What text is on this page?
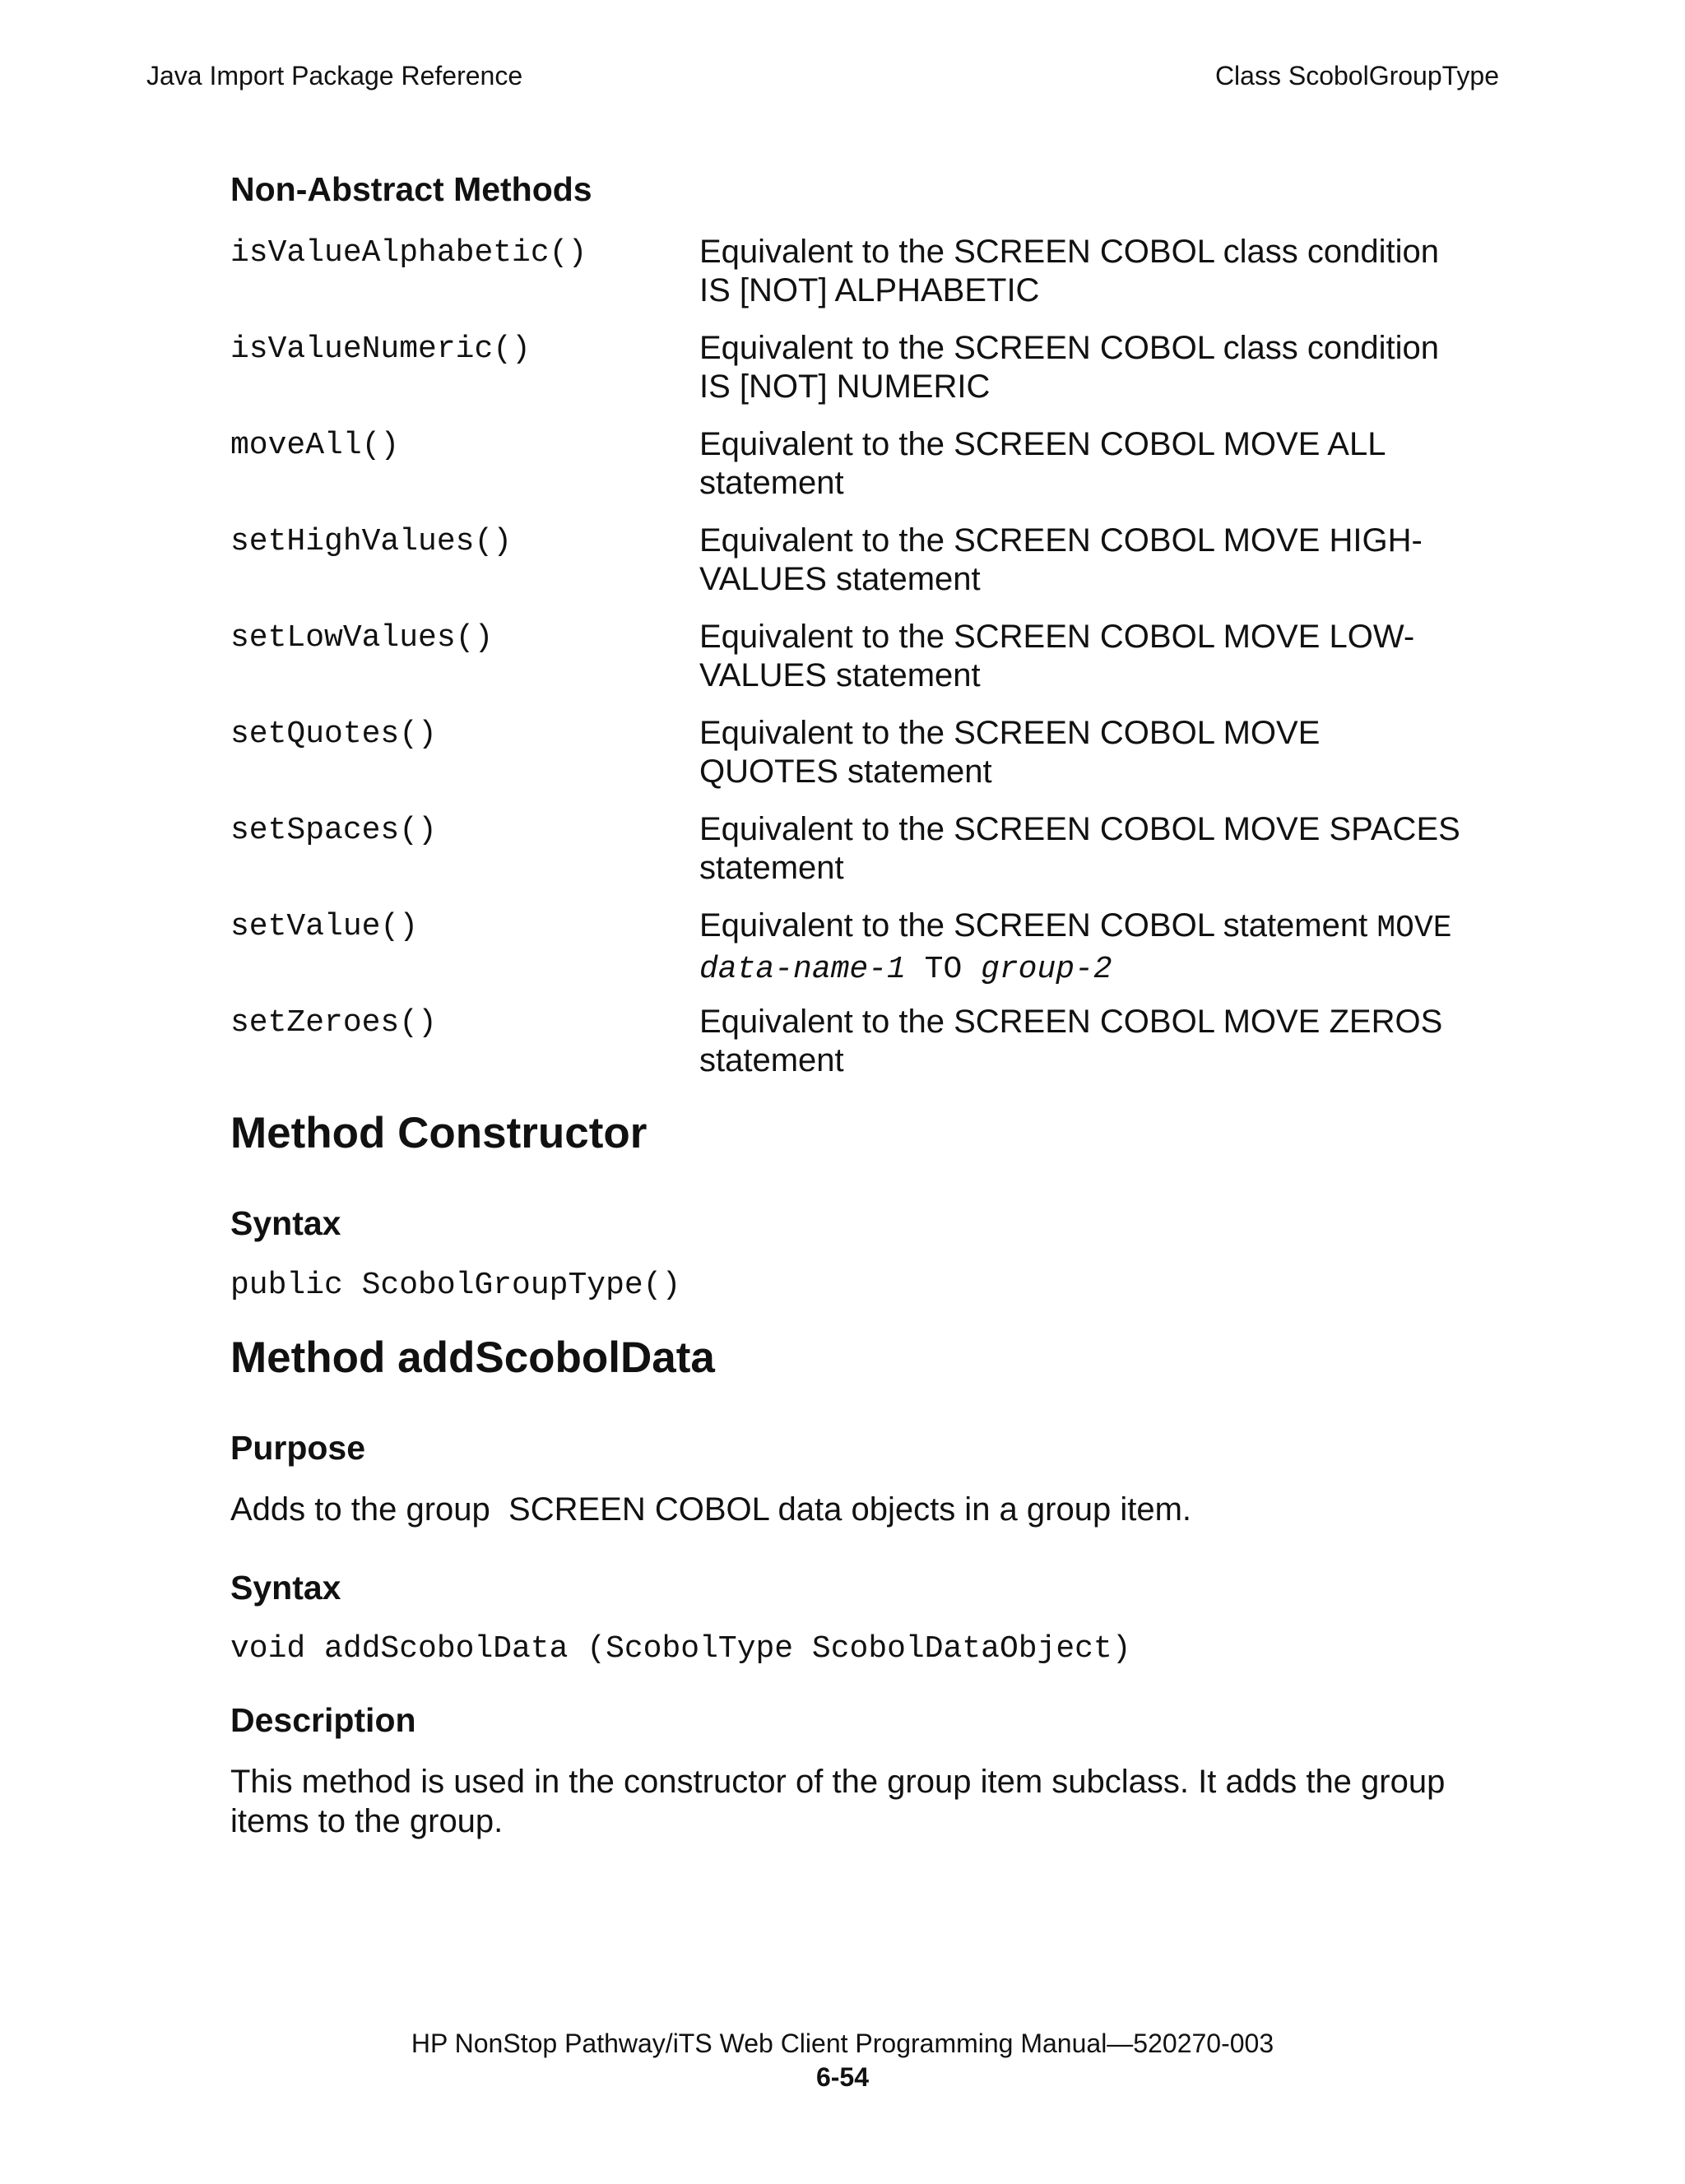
Java Import Package Reference	Class ScobolGroupType
Non-Abstract Methods
isValueAlphabetic()	Equivalent to the SCREEN COBOL class condition
IS [NOT] ALPHABETIC
isValueNumeric()	Equivalent to the SCREEN COBOL class condition
IS [NOT] NUMERIC
moveAll()	Equivalent to the SCREEN COBOL MOVE ALL
statement
setHighValues()	Equivalent to the SCREEN COBOL MOVE HIGH-
VALUES statement
setLowValues()	Equivalent to the SCREEN COBOL MOVE LOW-
VALUES statement
setQuotes()	Equivalent to the SCREEN COBOL MOVE
QUOTES statement
setSpaces()	Equivalent to the SCREEN COBOL MOVE SPACES
statement
setValue()	Equivalent to the SCREEN COBOL statement MOVE
data-name-1 TO group-2
setZeroes()	Equivalent to the SCREEN COBOL MOVE ZEROS
statement
Method Constructor
Syntax
public ScobolGroupType()
Method addScobolData
Purpose
Adds to the group  SCREEN COBOL data objects in a group item.
Syntax
void addScobolData (ScobolType ScobolDataObject)
Description
This method is used in the constructor of the group item subclass. It adds the group
items to the group.
HP NonStop Pathway/iTS Web Client Programming Manual—520270-003
6-54
